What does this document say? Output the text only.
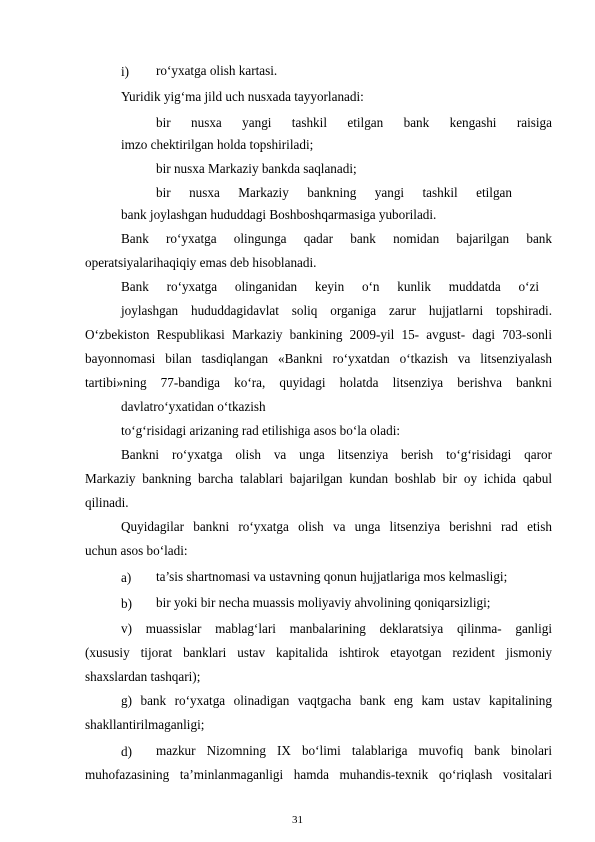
i) ro‘yxatga olish kartasi.
Yuridik yig‘ma jild uch nusxada tayyorlanadi:
bir nusxa yangi tashkil etilgan bank kengashi raisiga
imzo chektirilgan holda topshiriladi;
bir nusxa Markaziy bankda saqlanadi;
bir nusxa Markaziy bankning yangi tashkil etilgan
bank joylashgan hududdagi Boshboshqarmasiga yuboriladi.
Bank ro‘yxatga olingunga qadar bank nomidan bajarilgan bank
operatsiyalarihaqiqiy emas deb hisoblanadi.
Bank ro‘yxatga olinganidan keyin o‘n kunlik muddatda o‘zi
joylashgan hududdagidavlat soliq organiga zarur hujjatlarni topshiradi.
O‘zbekiston Respublikasi Markaziy bankining 2009-yil 15- avgust- dagi 703-sonli
bayonnomasi bilan tasdiqlangan «Bankni ro‘yxatdan o‘tkazish va litsenziyalash
tartibi»ning 77-bandiga ko‘ra, quyidagi holatda litsenziya berishva bankni
davlatro‘yxatidan o‘tkazish
to‘g‘risidagi arizaning rad etilishiga asos bo‘la oladi:
Bankni ro‘yxatga olish va unga litsenziya berish to‘g‘risidagi qaror
Markaziy bankning barcha talablari bajarilgan kundan boshlab bir oy ichida qabul
qilinadi.
Quyidagilar bankni ro‘yxatga olish va unga litsenziya berishni rad etish
uchun asos bo‘ladi:
a) ta’sis shartnomasi va ustavning qonun hujjatlariga mos kelmasligi;
b) bir yoki bir necha muassis moliyaviy ahvolining qoniqarsizligi;
v) muassislar mablag‘lari manbalarining deklaratsiya qilinma- ganligi
(xususiy tijorat banklari ustav kapitalida ishtirok etayotgan rezident jismoniy
shaxslardan tashqari);
g) bank ro‘yxatga olinadigan vaqtgacha bank eng kam ustav kapitalining
shakllantirilmaganligi;
d) mazkur Nizomning IX bo‘limi talablariga muvofiq bank binolari
muhofazasining ta’minlanmaganligi hamda muhandis-texnik qo‘riqlash vositalari
31
